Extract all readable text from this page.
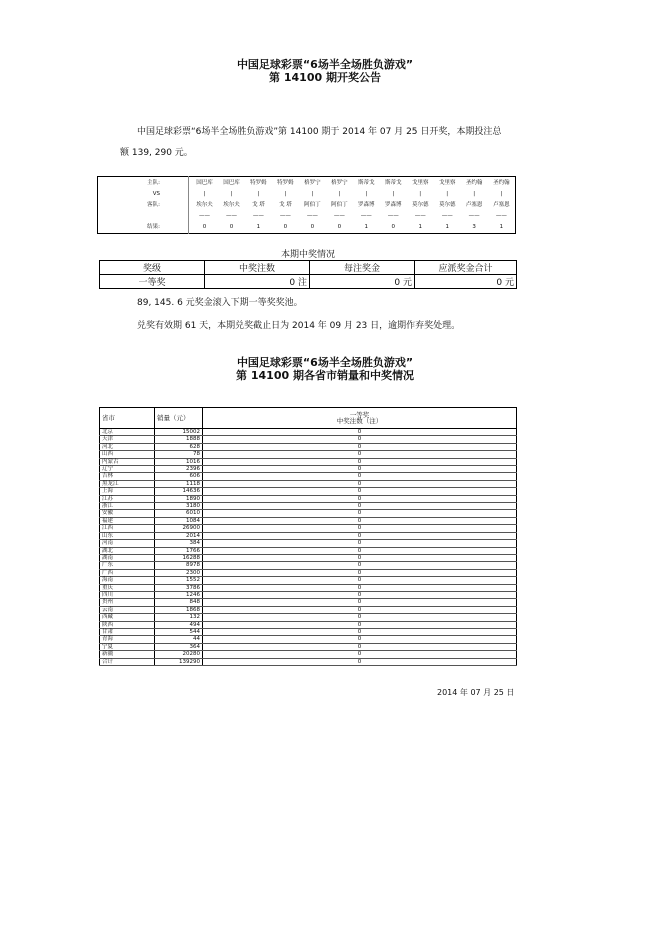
中国足球彩票“6场半全场胜负游戏”
第 14100 期开奖公告
中国足球彩票“6场半全场胜负游戏”第 14100 期于 2014 年 07 月 25 日开奖，本期投注总
额 139, 290 元。
主队:		国巴库	国巴库	特罗姆	特罗姆	格罗宁	格罗宁	斯蒂戈	斯蒂戈	戈里察	戈里察	圣约翰	圣约翰
VS		|	|	|	|	|	|	|	|	|	|	|	|
客队:		埃尔夫	埃尔夫	戈 塔	戈 塔	阿伯丁	阿伯丁	罗森博	罗森博	莫尔德	莫尔德	卢塞恩	卢塞恩
		——	——	——	——	——	——	——	——	——	——	——	——
结果:		0	0	1	0	0	0	1	0	1	1	3	1
本期中奖情况
奖级	中奖注数	每注奖金	应派奖金合计
一等奖	0 注	0 元	0 元
89, 145. 6 元奖金滚入下期一等奖奖池。
兑奖有效期 61 天，本期兑奖截止日为 2014 年 09 月 23 日，逾期作弃奖处理。
中国足球彩票“6场半全场胜负游戏”
第 14100 期各省市销量和中奖情况
省市	销量（元）	一等奖
中奖注数（注）

北京	15002	0
天津	1888	0
河北	628	0
山西	78	0
内蒙古	1016	0
辽宁	2396	0
吉林	606	0
黑龙江	1118	0
上海	14636	0
江苏	1890	0
浙江	3180	0
安徽	6010	0
福建	1084	0
江西	26900	0
山东	2014	0
河南	384	0
湖北	1766	0
湖南	16288	0
广东	8978	0
广西	2300	0
海南	1552	0
重庆	3786	0
四川	1246	0
贵州	848	0
云南	1868	0
西藏	132	0
陕西	494	0
甘肃	544	0
青海	44	0
宁夏	364	0
新疆	20280	0
合计	139290	0
2014 年 07 月 25 日
